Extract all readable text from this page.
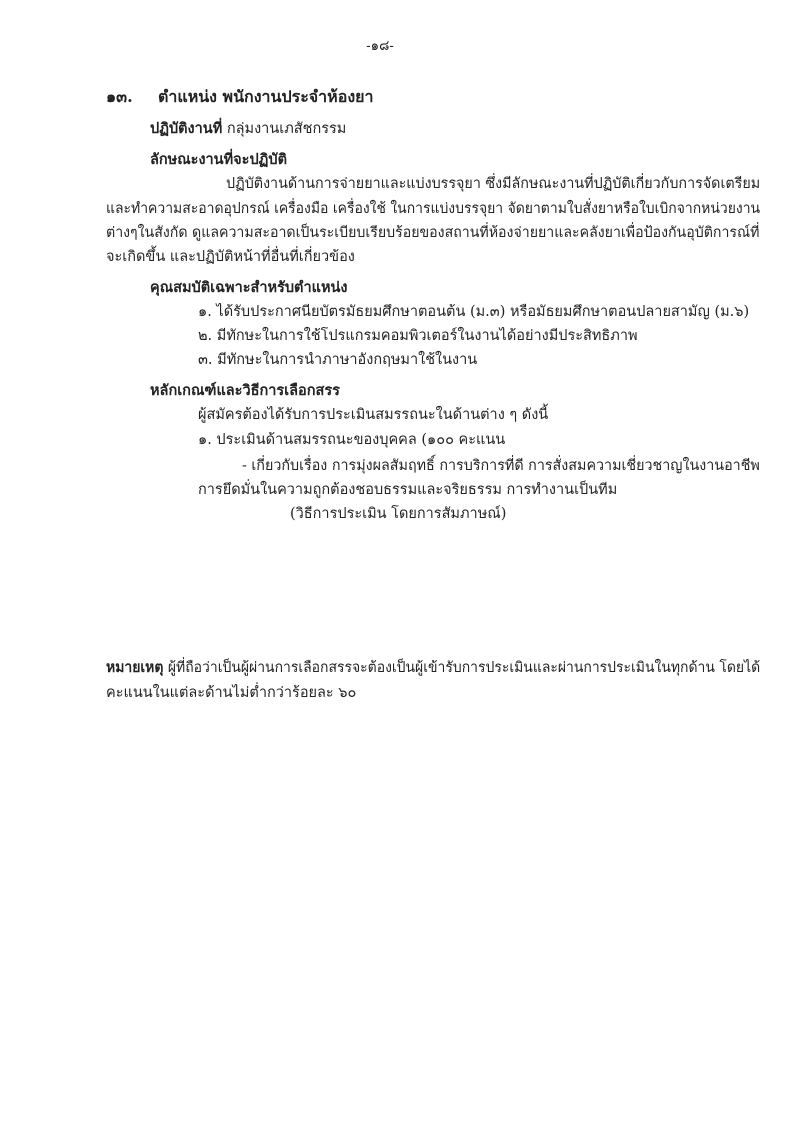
-๑๘-
๑๓. ตำแหน่ง พนักงานประจำห้องยา
ปฏิบัติงานที่ กลุ่มงานเภสัชกรรม
ลักษณะงานที่จะปฏิบัติ
ปฏิบัติงานด้านการจ่ายยาและแบ่งบรรจุยา ซึ่งมีลักษณะงานที่ปฏิบัติเกี่ยวกับการจัดเตรียม
และทำความสะอาดอุปกรณ์ เครื่องมือ เครื่องใช้ ในการแบ่งบรรจุยา จัดยาตามใบสั่งยาหรือใบเบิกจากหน่วยงาน
ต่างๆในสังกัด ดูแลความสะอาดเป็นระเบียบเรียบร้อยของสถานที่ห้องจ่ายยาและคลังยาเพื่อป้องกันอุบัติการณ์ที่
จะเกิดขึ้น และปฏิบัติหน้าที่อื่นที่เกี่ยวข้อง
คุณสมบัติเฉพาะสำหรับตำแหน่ง
๑. ได้รับประกาศนียบัตรมัธยมศึกษาตอนต้น (ม.๓) หรือมัธยมศึกษาตอนปลายสามัญ (ม.๖)
๒. มีทักษะในการใช้โปรแกรมคอมพิวเตอร์ในงานได้อย่างมีประสิทธิภาพ
๓. มีทักษะในการนำภาษาอังกฤษมาใช้ในงาน
หลักเกณฑ์และวิธีการเลือกสรร
ผู้สมัครต้องได้รับการประเมินสมรรถนะในด้านต่าง ๆ ดังนี้
๑. ประเมินด้านสมรรถนะของบุคคล (๑๐๐ คะแนน
- เกี่ยวกับเรื่อง การมุ่งผลสัมฤทธิ์ การบริการที่ดี การสั่งสมความเชี่ยวชาญในงานอาชีพ
การยึดมั่นในความถูกต้องชอบธรรมและจริยธรรม การทำงานเป็นทีม
(วิธีการประเมิน โดยการสัมภาษณ์)
หมายเหตุ ผู้ที่ถือว่าเป็นผู้ผ่านการเลือกสรรจะต้องเป็นผู้เข้ารับการประเมินและผ่านการประเมินในทุกด้าน โดยได้
คะแนนในแต่ละด้านไม่ต่ำกว่าร้อยละ ๖๐
